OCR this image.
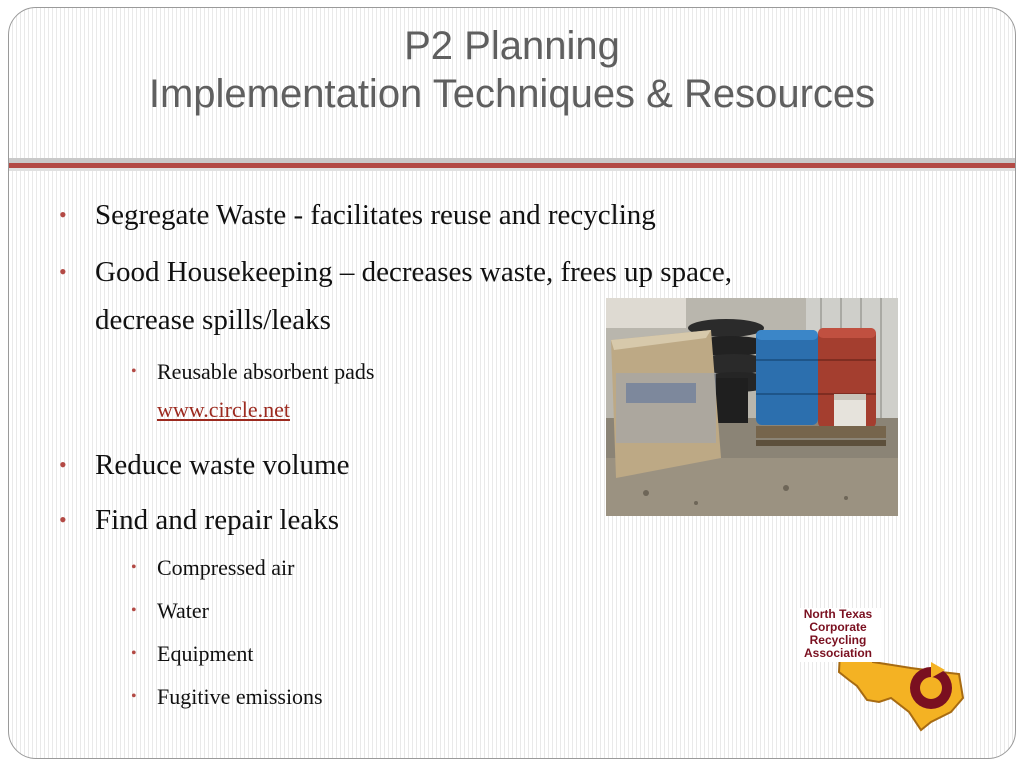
P2 Planning
Implementation Techniques & Resources
• Segregate Waste - facilitates reuse and recycling
• Good Housekeeping – decreases waste, frees up space,
decrease spills/leaks
• Reusable absorbent pads
www.circle.net
• Reduce waste volume
• Find and repair leaks
• Compressed air
• Water
• Equipment
• Fugitive emissions
North Texas
Corporate
Recycling
Association
